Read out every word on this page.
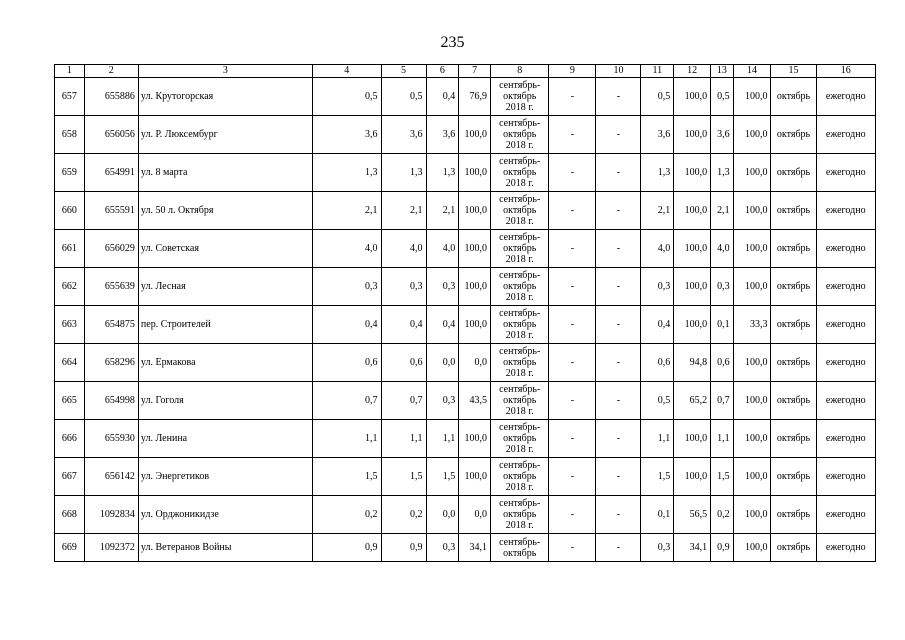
235
1	2	3	4	5	6	7	8	9	10	11	12	13	14	15	16
657	655886	ул. Крутогорская	0,5	0,5	0,4	76,9	сентябрь-
октябрь
2018 г.	-	-	0,5	100,0	0,5	100,0	октябрь	ежегодно
658	656056	ул. Р. Люксембург	3,6	3,6	3,6	100,0	сентябрь-
октябрь
2018 г.	-	-	3,6	100,0	3,6	100,0	октябрь	ежегодно
659	654991	ул. 8 марта	1,3	1,3	1,3	100,0	сентябрь-
октябрь
2018 г.	-	-	1,3	100,0	1,3	100,0	октябрь	ежегодно
660	655591	ул. 50 л. Октября	2,1	2,1	2,1	100,0	сентябрь-
октябрь
2018 г.	-	-	2,1	100,0	2,1	100,0	октябрь	ежегодно
661	656029	ул. Советская	4,0	4,0	4,0	100,0	сентябрь-
октябрь
2018 г.	-	-	4,0	100,0	4,0	100,0	октябрь	ежегодно
662	655639	ул. Лесная	0,3	0,3	0,3	100,0	сентябрь-
октябрь
2018 г.	-	-	0,3	100,0	0,3	100,0	октябрь	ежегодно
663	654875	пер. Строителей	0,4	0,4	0,4	100,0	сентябрь-
октябрь
2018 г.	-	-	0,4	100,0	0,1	33,3	октябрь	ежегодно
664	658296	ул. Ермакова	0,6	0,6	0,0	0,0	сентябрь-
октябрь
2018 г.	-	-	0,6	94,8	0,6	100,0	октябрь	ежегодно
665	654998	ул. Гоголя	0,7	0,7	0,3	43,5	сентябрь-
октябрь
2018 г.	-	-	0,5	65,2	0,7	100,0	октябрь	ежегодно
666	655930	ул. Ленина	1,1	1,1	1,1	100,0	сентябрь-
октябрь
2018 г.	-	-	1,1	100,0	1,1	100,0	октябрь	ежегодно
667	656142	ул. Энергетиков	1,5	1,5	1,5	100,0	сентябрь-
октябрь
2018 г.	-	-	1,5	100,0	1,5	100,0	октябрь	ежегодно
668	1092834	ул. Орджоникидзе	0,2	0,2	0,0	0,0	сентябрь-
октябрь
2018 г.	-	-	0,1	56,5	0,2	100,0	октябрь	ежегодно
669	1092372	ул. Ветеранов Войны	0,9	0,9	0,3	34,1	сентябрь-
октябрь	-	-	0,3	34,1	0,9	100,0	октябрь	ежегодно
